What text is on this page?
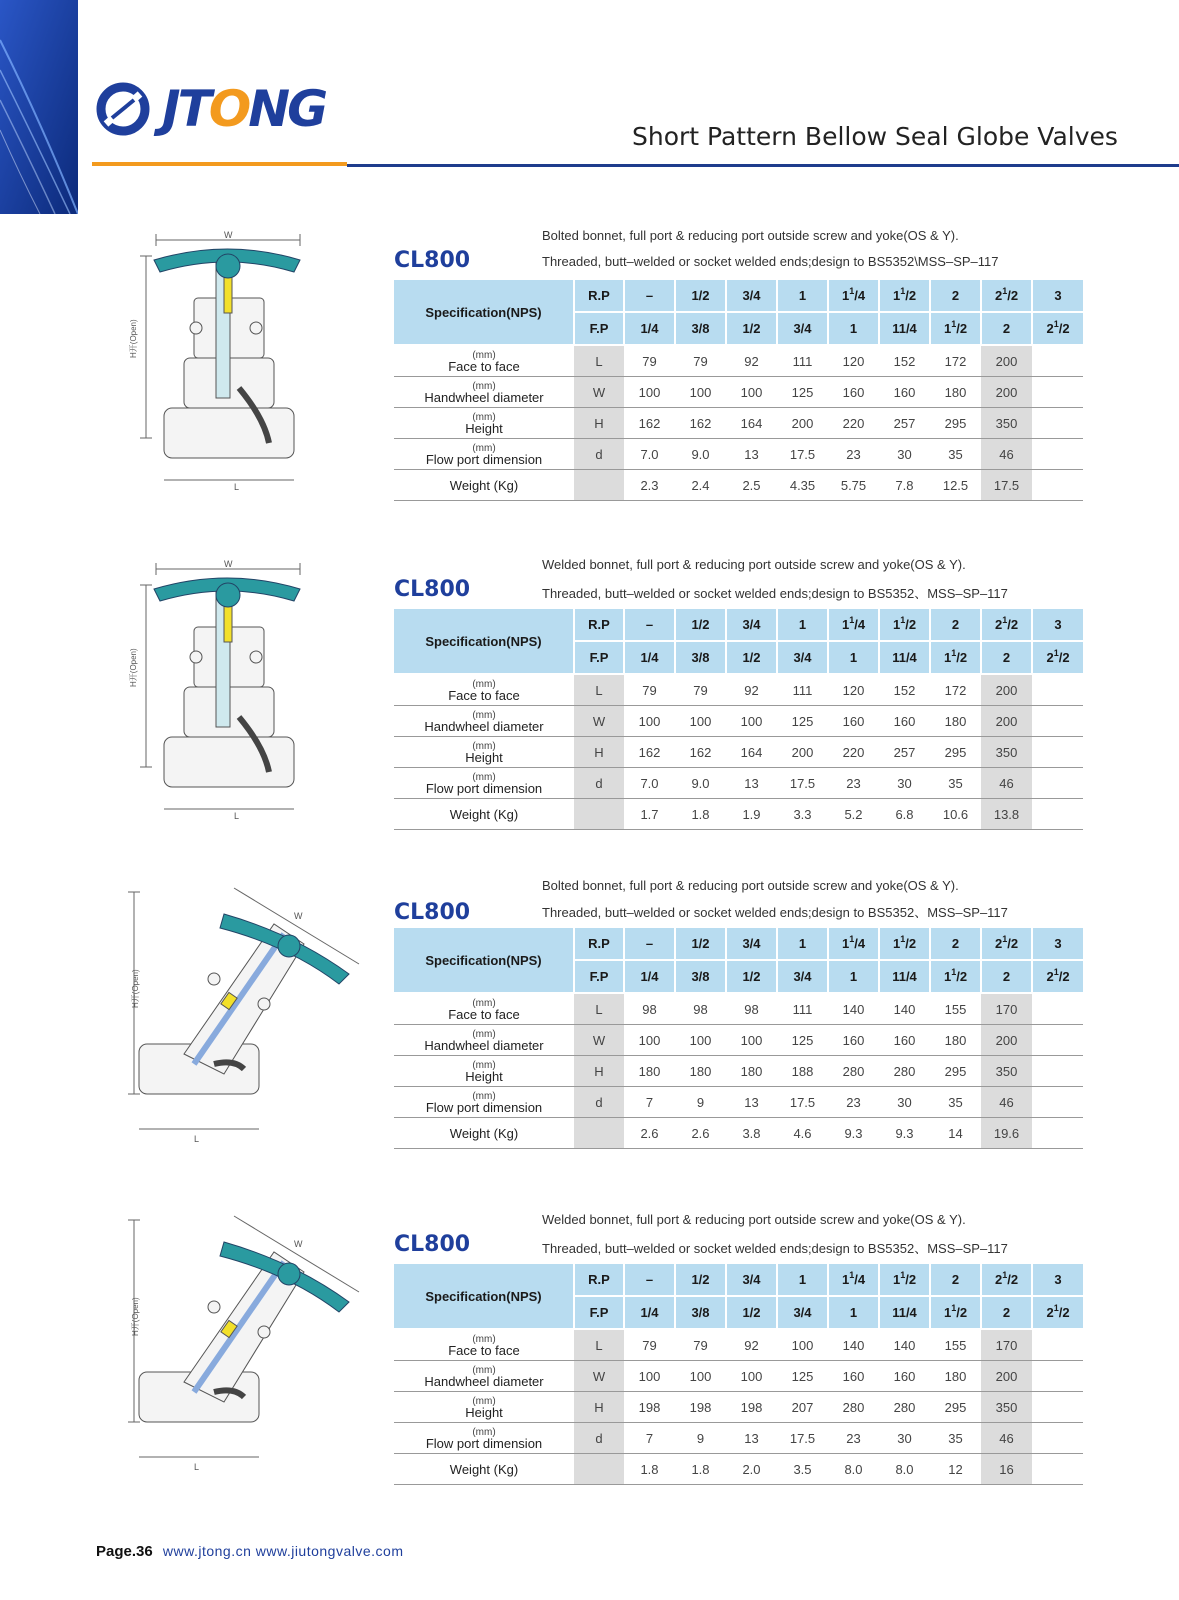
JTONG	Short Pattern Bellow Seal Globe Valves
W
L
H开(Open)
Bolted bonnet, full port & reducing port outside screw and yoke(OS & Y).
CL800	Threaded, butt–welded or socket welded ends;design to BS5352\MSS–SP–117
Specification(NPS)	R.P	–	1/2	3/4	1	$1^1/4$	$1^1/2$	2	$2^1/2$	3
	F.P	1/4	3/8	1/2	3/4	1	11/4	$1^1/2$	2	$2^1/2$

(mm)
Face to face	L	79	79	92	111	120	152	172	200	

(mm)
Handwheel diameter	W	100	100	100	125	160	160	180	200	

(mm)
Height	H	162	162	164	200	220	257	295	350	

(mm)
Flow port dimension	d	7.0	9.0	13	17.5	23	30	35	46	
Weight (Kg)		2.3	2.4	2.5	4.35	5.75	7.8	12.5	17.5	
W
L
H开(Open)
Welded bonnet, full port & reducing port outside screw and yoke(OS & Y).
CL800	Threaded, butt–welded or socket welded ends;design to BS5352、MSS–SP–117
Specification(NPS)	R.P	–	1/2	3/4	1	$1^1/4$	$1^1/2$	2	$2^1/2$	3
	F.P	1/4	3/8	1/2	3/4	1	11/4	$1^1/2$	2	$2^1/2$

(mm)
Face to face	L	79	79	92	111	120	152	172	200	

(mm)
Handwheel diameter	W	100	100	100	125	160	160	180	200	

(mm)
Height	H	162	162	164	200	220	257	295	350	

(mm)
Flow port dimension	d	7.0	9.0	13	17.5	23	30	35	46	
Weight (Kg)		1.7	1.8	1.9	3.3	5.2	6.8	10.6	13.8	
W
L
H开(Open)
Bolted bonnet, full port & reducing port outside screw and yoke(OS & Y).
CL800	Threaded, butt–welded or socket welded ends;design to BS5352、MSS–SP–117
Specification(NPS)	R.P	–	1/2	3/4	1	$1^1/4$	$1^1/2$	2	$2^1/2$	3
	F.P	1/4	3/8	1/2	3/4	1	11/4	$1^1/2$	2	$2^1/2$

(mm)
Face to face	L	98	98	98	111	140	140	155	170	

(mm)
Handwheel diameter	W	100	100	100	125	160	160	180	200	

(mm)
Height	H	180	180	180	188	280	280	295	350	

(mm)
Flow port dimension	d	7	9	13	17.5	23	30	35	46	
Weight (Kg)		2.6	2.6	3.8	4.6	9.3	9.3	14	19.6	
W
L
H开(Open)
Welded bonnet, full port & reducing port outside screw and yoke(OS & Y).
CL800	Threaded, butt–welded or socket welded ends;design to BS5352、MSS–SP–117
Specification(NPS)	R.P	–	1/2	3/4	1	$1^1/4$	$1^1/2$	2	$2^1/2$	3
	F.P	1/4	3/8	1/2	3/4	1	11/4	$1^1/2$	2	$2^1/2$

(mm)
Face to face	L	79	79	92	100	140	140	155	170	

(mm)
Handwheel diameter	W	100	100	100	125	160	160	180	200	

(mm)
Height	H	198	198	198	207	280	280	295	350	

(mm)
Flow port dimension	d	7	9	13	17.5	23	30	35	46	
Weight (Kg)		1.8	1.8	2.0	3.5	8.0	8.0	12	16	
Page.36 www.jtong.cn www.jiutongvalve.com
